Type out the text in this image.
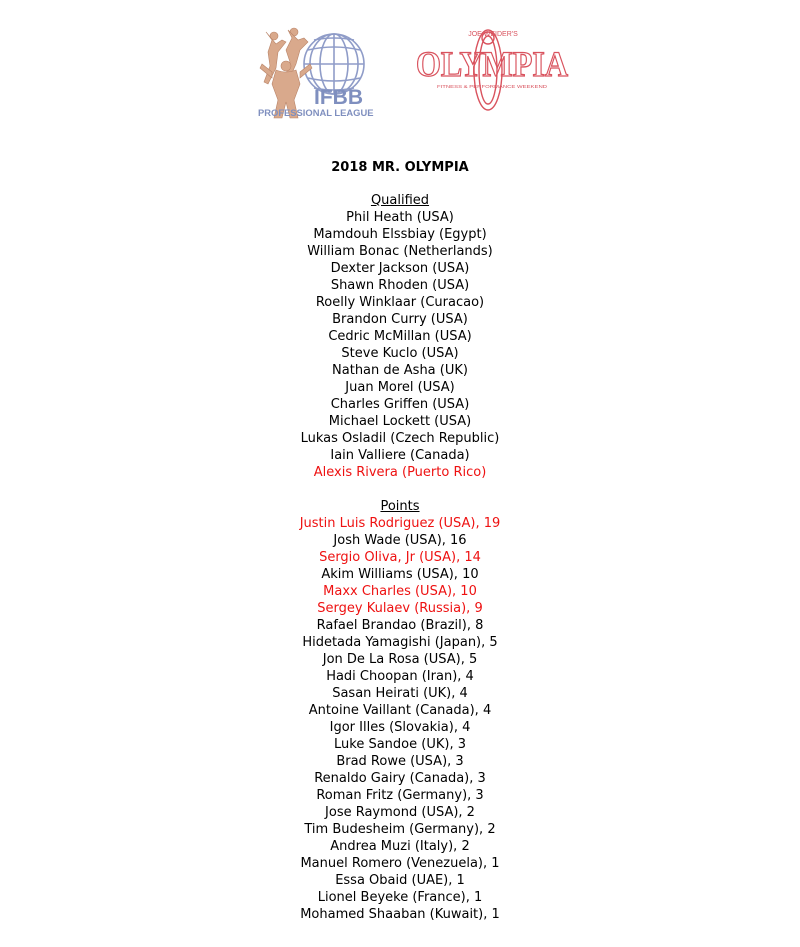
IFBB
PROFESSIONAL LEAGUE
JOE WEIDER'S
OLYMPIA
FITNESS & PERFORMANCE WEEKEND
2018 MR. OLYMPIA
Qualified
Phil Heath (USA)
Mamdouh Elssbiay (Egypt)
William Bonac (Netherlands)
Dexter Jackson (USA)
Shawn Rhoden (USA)
Roelly Winklaar (Curacao)
Brandon Curry (USA)
Cedric McMillan (USA)
Steve Kuclo (USA)
Nathan de Asha (UK)
Juan Morel (USA)
Charles Griffen (USA)
Michael Lockett (USA)
Lukas Osladil (Czech Republic)
Iain Valliere (Canada)
Alexis Rivera (Puerto Rico)
Points
Justin Luis Rodriguez (USA), 19
Josh Wade (USA), 16
Sergio Oliva, Jr (USA), 14
Akim Williams (USA), 10
Maxx Charles (USA), 10
Sergey Kulaev (Russia), 9
Rafael Brandao (Brazil), 8
Hidetada Yamagishi (Japan), 5
Jon De La Rosa (USA), 5
Hadi Choopan (Iran), 4
Sasan Heirati (UK), 4
Antoine Vaillant (Canada), 4
Igor Illes (Slovakia), 4
Luke Sandoe (UK), 3
Brad Rowe (USA), 3
Renaldo Gairy (Canada), 3
Roman Fritz (Germany), 3
Jose Raymond (USA), 2
Tim Budesheim (Germany), 2
Andrea Muzi (Italy), 2
Manuel Romero (Venezuela), 1
Essa Obaid (UAE), 1
Lionel Beyeke (France), 1
Mohamed Shaaban (Kuwait), 1
